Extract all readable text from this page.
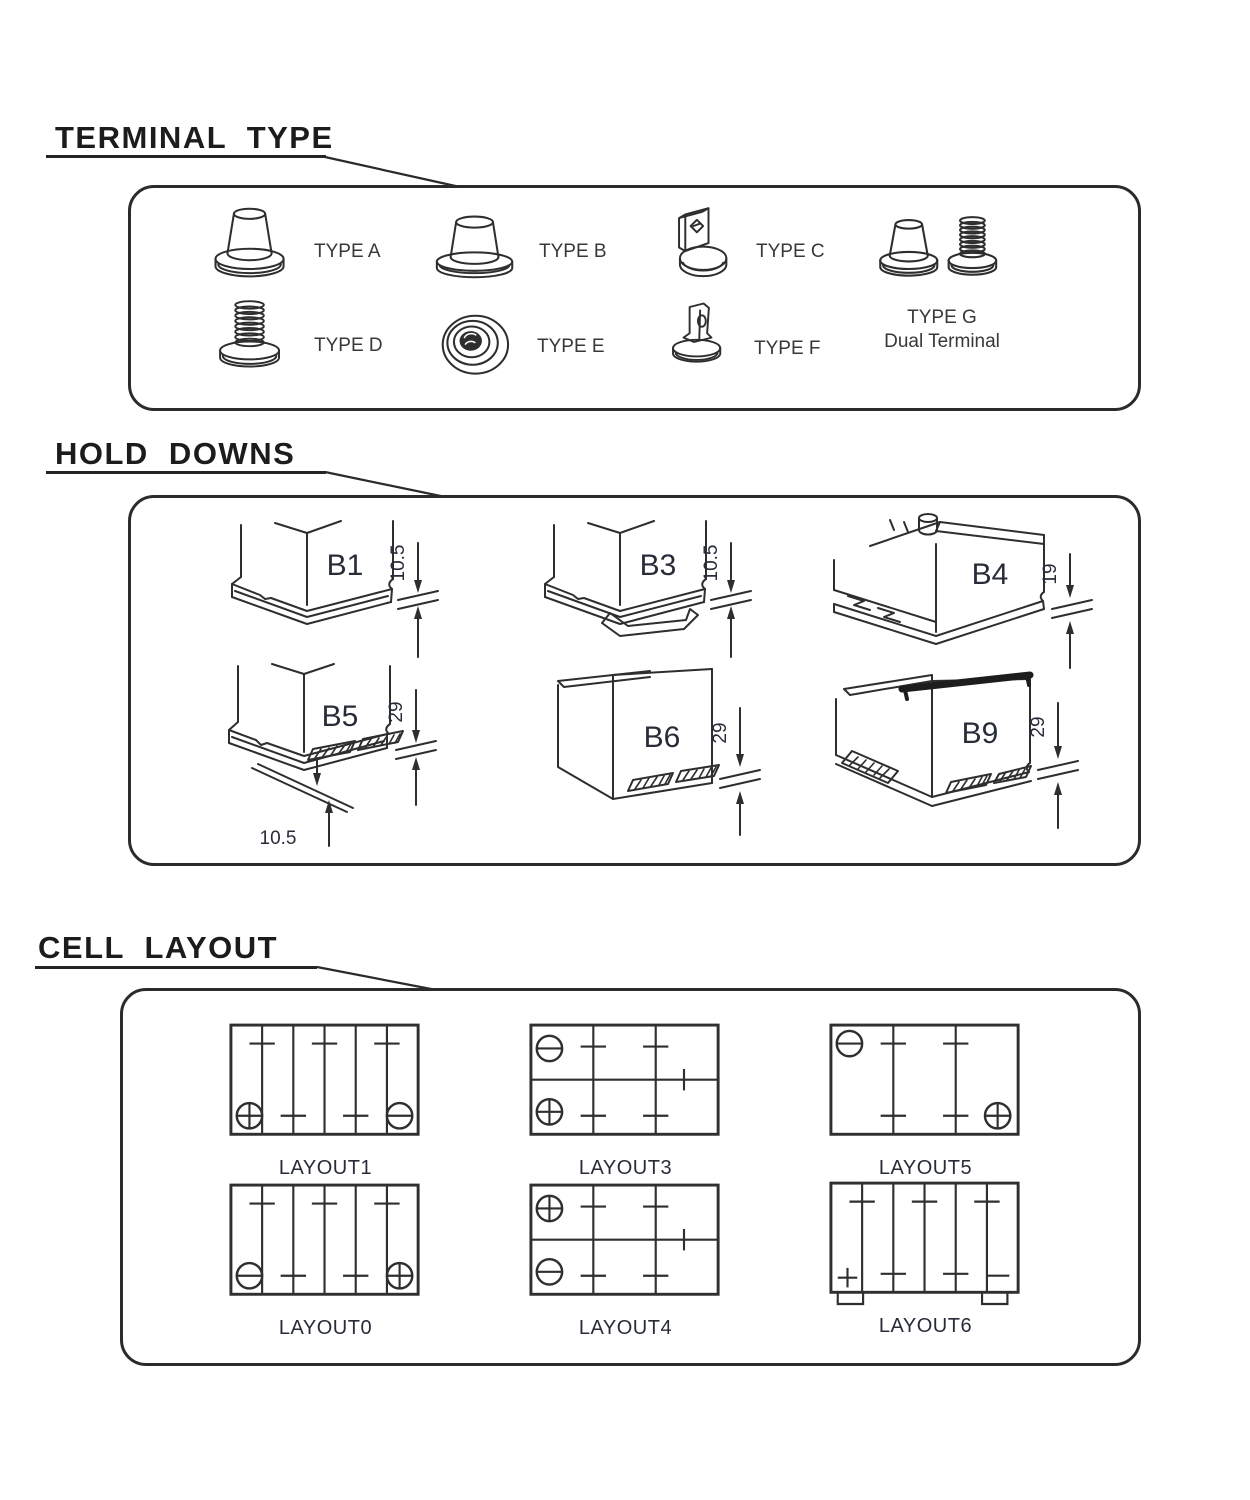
TERMINAL TYPE
TYPE A	TYPE B	TYPE C
TYPE G
Dual Terminal
TYPE D	TYPE E	TYPE F
HOLD DOWNS
B1 10.5	B3 10.5	B4 19
B5 29
10.5
B6 29	B9 29
CELL LAYOUT
LAYOUT1	LAYOUT3	LAYOUT5
LAYOUT0	LAYOUT4	LAYOUT6
